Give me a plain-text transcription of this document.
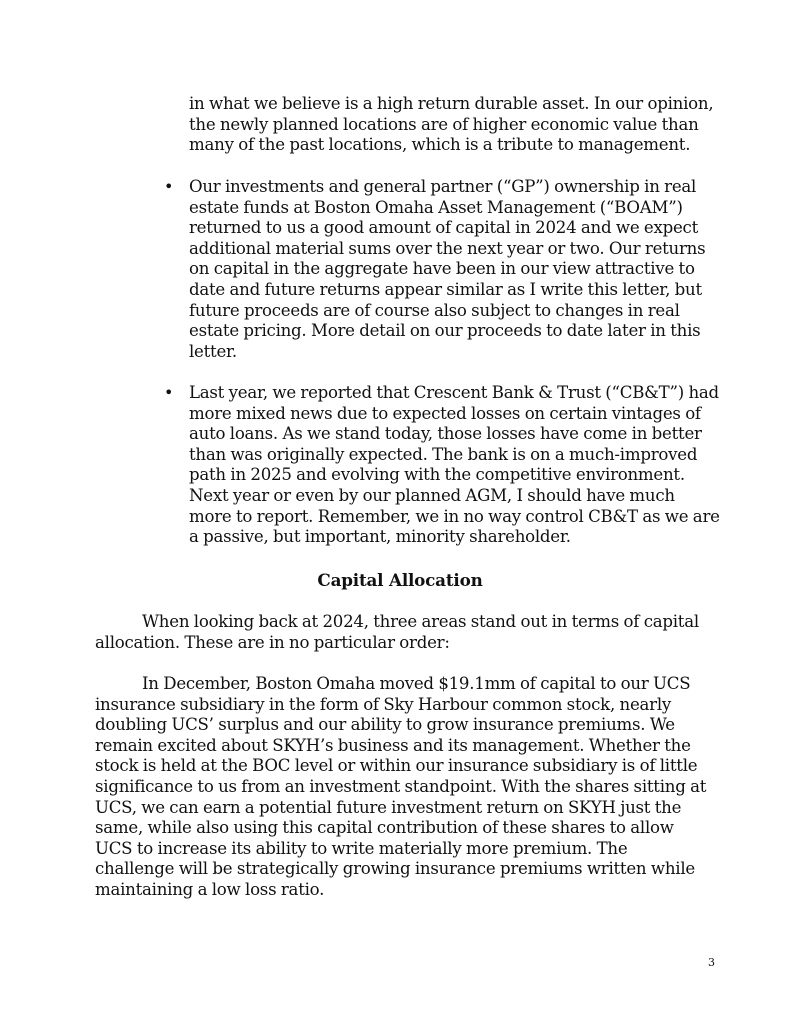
in what we believe is a high return durable asset. In our opinion, the newly planned locations are of higher economic value than many of the past locations, which is a tribute to management.

• Our investments and general partner (“GP”) ownership in real estate funds at Boston Omaha Asset Management (“BOAM”) returned to us a good amount of capital in 2024 and we expect additional material sums over the next year or two. Our returns on capital in the aggregate have been in our view attractive to date and future returns appear similar as I write this letter, but future proceeds are of course also subject to changes in real estate pricing. More detail on our proceeds to date later in this letter.
• Last year, we reported that Crescent Bank & Trust (“CB&T”) had more mixed news due to expected losses on certain vintages of auto loans. As we stand today, those losses have come in better than was originally expected. The bank is on a much-improved path in 2025 and evolving with the competitive environment. Next year or even by our planned AGM, I should have much more to report. Remember, we in no way control CB&T as we are a passive, but important, minority shareholder.
Capital Allocation

When looking back at 2024, three areas stand out in terms of capital allocation. These are in no particular order:

In December, Boston Omaha moved $19.1mm of capital to our UCS insurance subsidiary in the form of Sky Harbour common stock, nearly doubling UCS’ surplus and our ability to grow insurance premiums. We remain excited about SKYH’s business and its management. Whether the stock is held at the BOC level or within our insurance subsidiary is of little significance to us from an investment standpoint. With the shares sitting at UCS, we can earn a potential future investment return on SKYH just the same, while also using this capital contribution of these shares to allow UCS to increase its ability to write materially more premium. The challenge will be strategically growing insurance premiums written while maintaining a low loss ratio.

3
